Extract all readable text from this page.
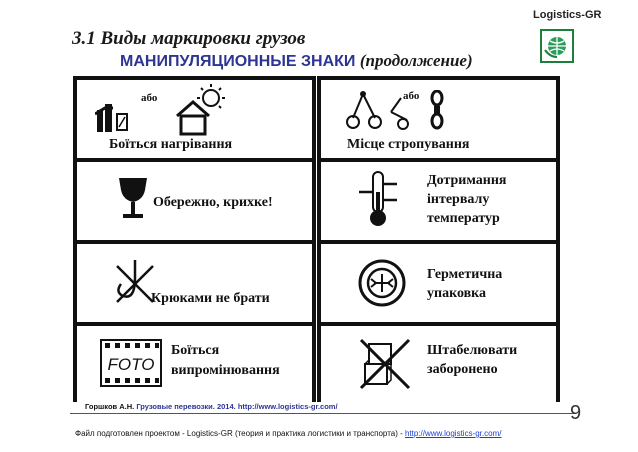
3.1 Виды маркировки грузов
МАНИПУЛЯЦИОННЫЕ ЗНАКИ (продолжение)
Logistics-GR
або
Боїться нагрівання
Обережно, крихке!
Крюками не брати
FOTO
Боїться
випромінювання
або
Місце стропування
Дотримання
інтервалу
температур
Герметична
упаковка
Штабелювати
заборонено
Горшков А.Н. Грузовые перевозки. 2014. http://www.logistics-gr.com/	9
Файл подготовлен проектом - Logistics-GR (теория и практика логистики и транспорта) - http://www.logistics-gr.com/
